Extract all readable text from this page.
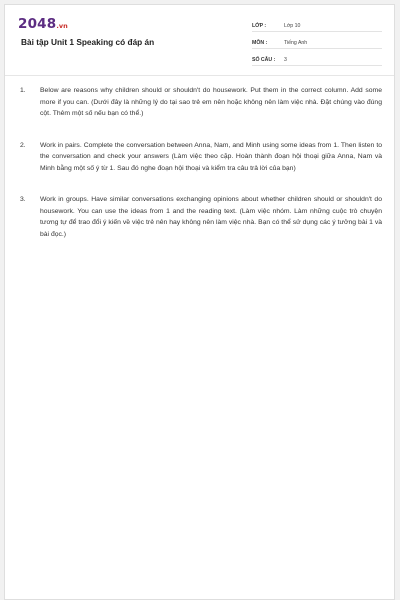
2048.vn
Bài tập Unit 1 Speaking có đáp án
LỚP :	Lớp 10
MÔN :	Tiếng Anh
SỐ CÂU :	3
1.	Below are reasons why children should or shouldn't do housework. Put them in the correct column. Add some more if you can. (Dưới đây là những lý do tại sao trẻ em nên hoặc không nên làm việc nhà. Đặt chúng vào đúng cột. Thêm một số nếu bạn có thể.)
2.	Work in pairs. Complete the conversation between Anna, Nam, and Minh using some ideas from 1. Then listen to the conversation and check your answers (Làm việc theo cặp. Hoàn thành đoạn hội thoại giữa Anna, Nam và Minh bằng một số ý từ 1. Sau đó nghe đoạn hội thoại và kiểm tra câu trả lời của bạn)
3.	Work in groups. Have similar conversations exchanging opinions about whether children should or shouldn't do housework. You can use the ideas from 1 and the reading text. (Làm việc nhóm. Làm những cuộc trò chuyện tương tự để trao đổi ý kiến về việc trẻ nên hay không nên làm việc nhà. Bạn có thể sử dụng các ý tưởng bài 1 và bài đọc.)
